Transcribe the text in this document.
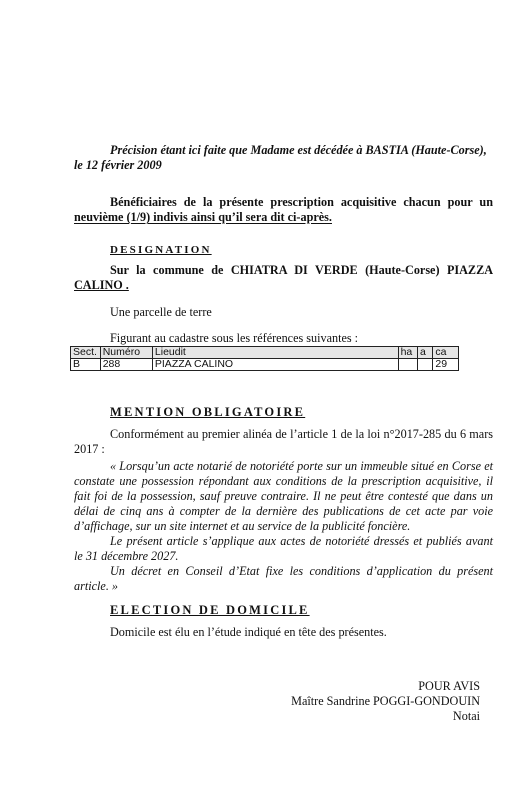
Précision étant ici faite que Madame est décédée à BASTIA (Haute-Corse),
le 12 février 2009
Bénéficiaires de la présente prescription acquisitive chacun pour un
neuvième (1/9) indivis ainsi qu’il sera dit ci-après.
DESIGNATION
Sur la commune de CHIATRA DI VERDE (Haute-Corse) PIAZZA
CALINO .
Une parcelle de terre
Figurant au cadastre sous les références suivantes :
Sect.	Numéro	Lieudit	ha	a	ca
B	288	PIAZZA CALINO			29
MENTION OBLIGATOIRE
Conformément au premier alinéa de l’article 1 de la loi n°2017-285 du 6 mars
2017 :
« Lorsqu’un acte notarié de notoriété porte sur un immeuble situé en Corse et
constate une possession répondant aux conditions de la prescription acquisitive, il
fait foi de la possession, sauf preuve contraire. Il ne peut être contesté que dans un
délai de cinq ans à compter de la dernière des publications de cet acte par voie
d’affichage, sur un site internet et au service de la publicité foncière.
Le présent article s’applique aux actes de notoriété dressés et publiés avant
le 31 décembre 2027.
Un décret en Conseil d’Etat fixe les conditions d’application du présent
article. »
ELECTION DE DOMICILE
Domicile est élu en l’étude indiqué en tête des présentes.
POUR AVIS
Maître Sandrine POGGI-GONDOUIN
Notai
